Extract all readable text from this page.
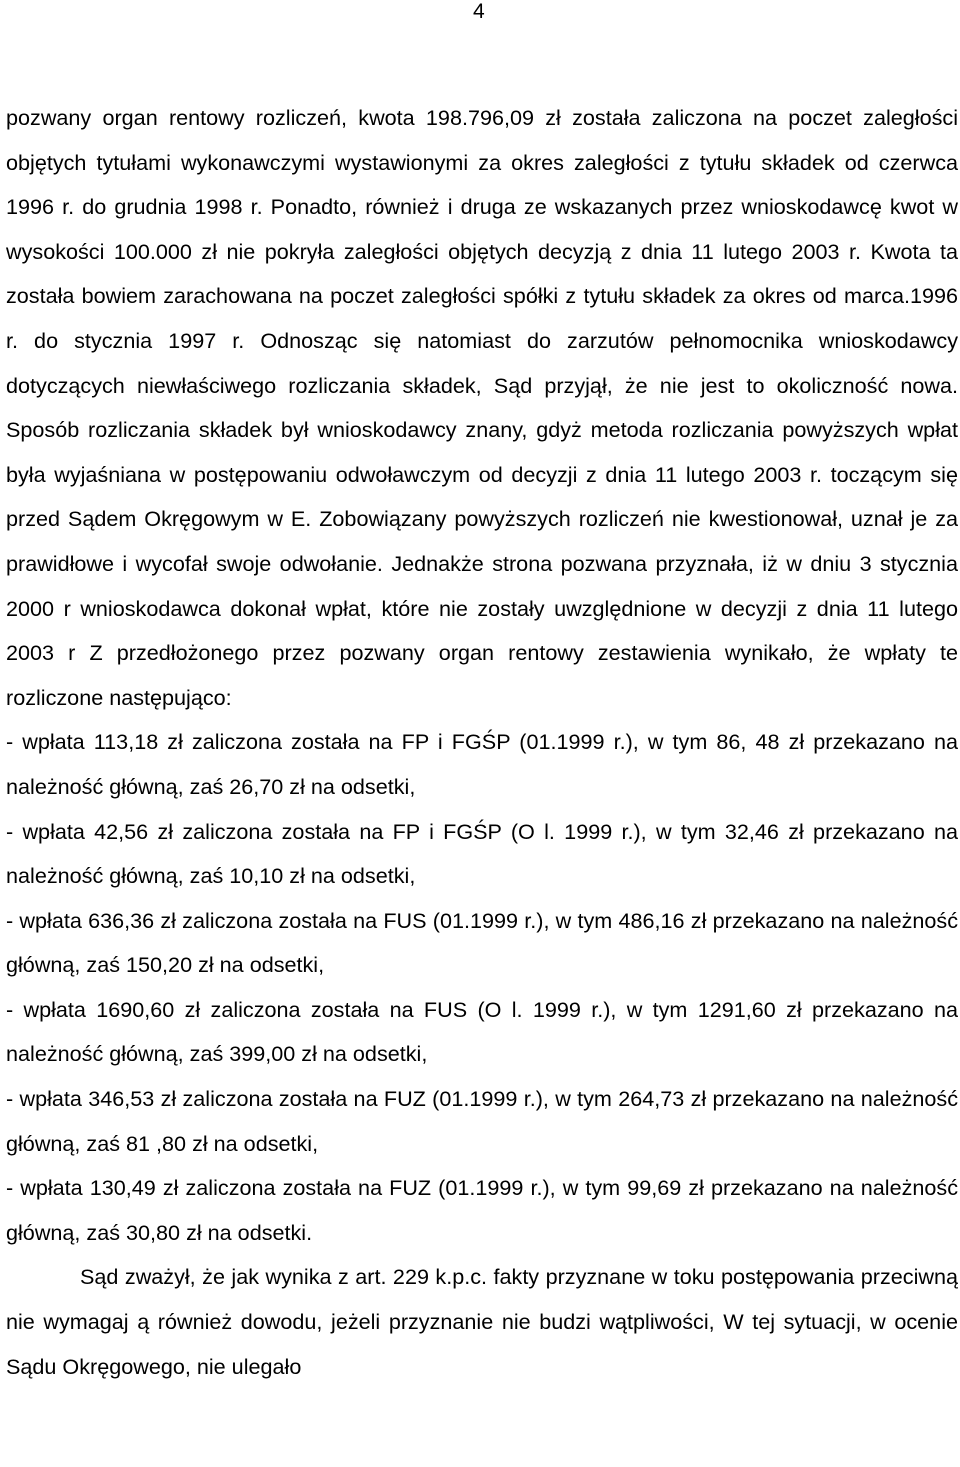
4

pozwany organ rentowy rozliczeń, kwota 198.796,09 zł została zaliczona na poczet zaległości objętych tytułami wykonawczymi wystawionymi za okres zaległości z tytułu składek od czerwca 1996 r. do grudnia 1998 r. Ponadto, również i druga ze wskazanych przez wnioskodawcę kwot w wysokości 100.000 zł nie pokryła zaległości objętych decyzją z dnia 11 lutego 2003 r. Kwota ta została bowiem zarachowana na poczet zaległości spółki z tytułu składek za okres od marca.1996 r. do stycznia 1997 r. Odnosząc się natomiast do zarzutów pełnomocnika wnioskodawcy dotyczących niewłaściwego rozliczania składek, Sąd przyjął, że nie jest to okoliczność nowa. Sposób rozliczania składek był wnioskodawcy znany, gdyż metoda rozliczania powyższych wpłat była wyjaśniana w postępowaniu odwoławczym od decyzji z dnia 11 lutego 2003 r. toczącym się przed Sądem Okręgowym w E. Zobowiązany powyższych rozliczeń nie kwestionował, uznał je za prawidłowe i wycofał swoje odwołanie. Jednakże strona pozwana przyznała, iż w dniu 3 stycznia 2000 r wnioskodawca dokonał wpłat, które nie zostały uwzględnione w decyzji z dnia 11 lutego 2003 r Z przedłożonego przez pozwany organ rentowy zestawienia wynikało, że wpłaty te rozliczone następująco:

- wpłata 113,18 zł zaliczona została na FP i FGŚP (01.1999 r.), w tym 86, 48 zł przekazano na należność główną, zaś 26,70 zł na odsetki,

- wpłata 42,56 zł zaliczona została na FP i FGŚP (O l. 1999 r.), w tym 32,46 zł przekazano na należność główną, zaś 10,10 zł na odsetki,

- wpłata 636,36 zł zaliczona została na FUS (01.1999 r.), w tym 486,16 zł przekazano na należność główną, zaś 150,20 zł na odsetki,

- wpłata 1690,60 zł zaliczona została na FUS (O l. 1999 r.), w tym 1291,60 zł przekazano na należność główną, zaś 399,00 zł na odsetki,

- wpłata 346,53 zł zaliczona została na FUZ (01.1999 r.), w tym 264,73 zł przekazano na należność główną, zaś 81 ,80 zł na odsetki,

- wpłata 130,49 zł zaliczona została na FUZ (01.1999 r.), w tym 99,69 zł przekazano na należność główną, zaś 30,80 zł na odsetki.

Sąd zważył, że jak wynika z art. 229 k.p.c. fakty przyznane w toku postępowania przeciwną nie wymagaj ą również dowodu, jeżeli przyznanie nie budzi wątpliwości, W tej sytuacji, w ocenie Sądu Okręgowego, nie ulegało
